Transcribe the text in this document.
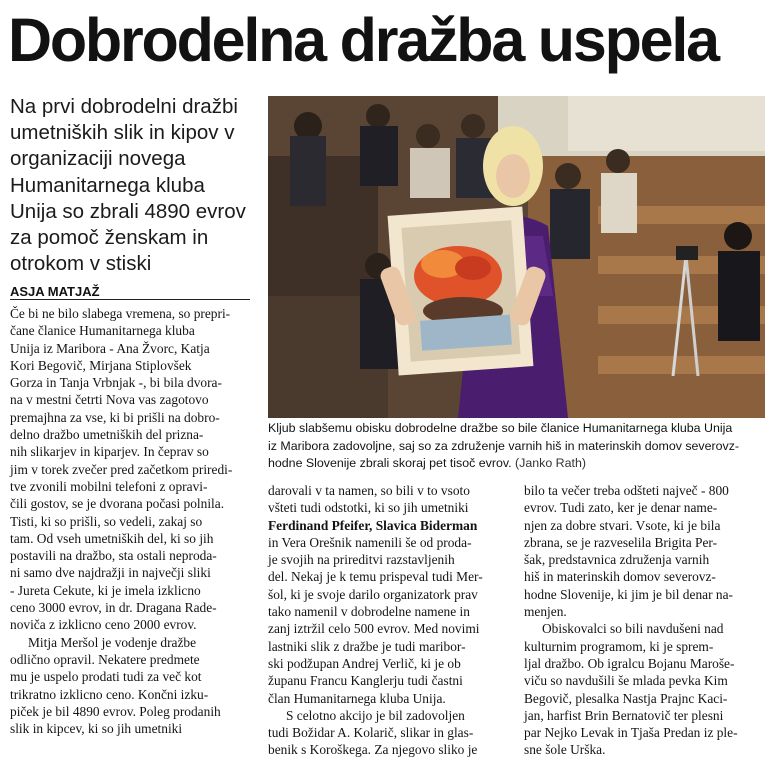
Dobrodelna dražba uspela
Na prvi dobrodelni dražbi
umetniških slik in kipov v
organizaciji novega
Humanitarnega kluba
Unija so zbrali 4890 evrov
za pomoč ženskam in
otrokom v stiski
ASJA MATJAŽ
Kljub slabšemu obisku dobrodelne dražbe so bile članice Humanitarnega kluba Unija
iz Maribora zadovoljne, saj so za združenje varnih hiš in materinskih domov severovz-
hodne Slovenije zbrali skoraj pet tisoč evrov. (Janko Rath)
Če bi ne bilo slabega vremena, so prepri-
čane članice Humanitarnega kluba
Unija iz Maribora - Ana Žvorc, Katja
Kori Begovič, Mirjana Stiplovšek
Gorza in Tanja Vrbnjak -, bi bila dvora-
na v mestni četrti Nova vas zagotovo
premajhna za vse, ki bi prišli na dobro-
delno dražbo umetniških del prizna-
nih slikarjev in kiparjev. In čeprav so
jim v torek zvečer pred začetkom priredi-
tve zvonili mobilni telefoni z opravi-
čili gostov, se je dvorana počasi polnila.
Tisti, ki so prišli, so vedeli, zakaj so
tam. Od vseh umetniških del, ki so jih
postavili na dražbo, sta ostali neproda-
ni samo dve najdražji in največji sliki
- Jureta Cekute, ki je imela izklicno
ceno 3000 evrov, in dr. Dragana Rade-
noviča z izklicno ceno 2000 evrov.
Mitja Meršol je vodenje dražbe
odlično opravil. Nekatere predmete
mu je uspelo prodati tudi za več kot
trikratno izklicno ceno. Končni izku-
piček je bil 4890 evrov. Poleg prodanih
slik in kipcev, ki so jih umetniki
darovali v ta namen, so bili v to vsoto
všteti tudi odstotki, ki so jih umetniki
Ferdinand Pfeifer, Slavica Biderman
in Vera Orešnik namenili še od proda-
je svojih na prireditvi razstavljenih
del. Nekaj je k temu prispeval tudi Mer-
šol, ki je svoje darilo organizatork prav
tako namenil v dobrodelne namene in
zanj iztržil celo 500 evrov. Med novimi
lastniki slik z dražbe je tudi maribor-
ski podžupan Andrej Verlič, ki je ob
županu Francu Kanglerju tudi častni
član Humanitarnega kluba Unija.
S celotno akcijo je bil zadovoljen
tudi Božidar A. Kolarič, slikar in glas-
benik s Koroškega. Za njegovo sliko je
bilo ta večer treba odšteti največ - 800
evrov. Tudi zato, ker je denar name-
njen za dobre stvari. Vsote, ki je bila
zbrana, se je razveselila Brigita Per-
šak, predstavnica združenja varnih
hiš in materinskih domov severovz-
hodne Slovenije, ki jim je bil denar na-
menjen.
Obiskovalci so bili navdušeni nad
kulturnim programom, ki je sprem-
ljal dražbo. Ob igralcu Bojanu Maroše-
viču so navdušili še mlada pevka Kim
Begovič, plesalka Nastja Prajnc Kaci-
jan, harfist Brin Bernatovič ter plesni
par Nejko Levak in Tjaša Predan iz ple-
sne šole Urška.
